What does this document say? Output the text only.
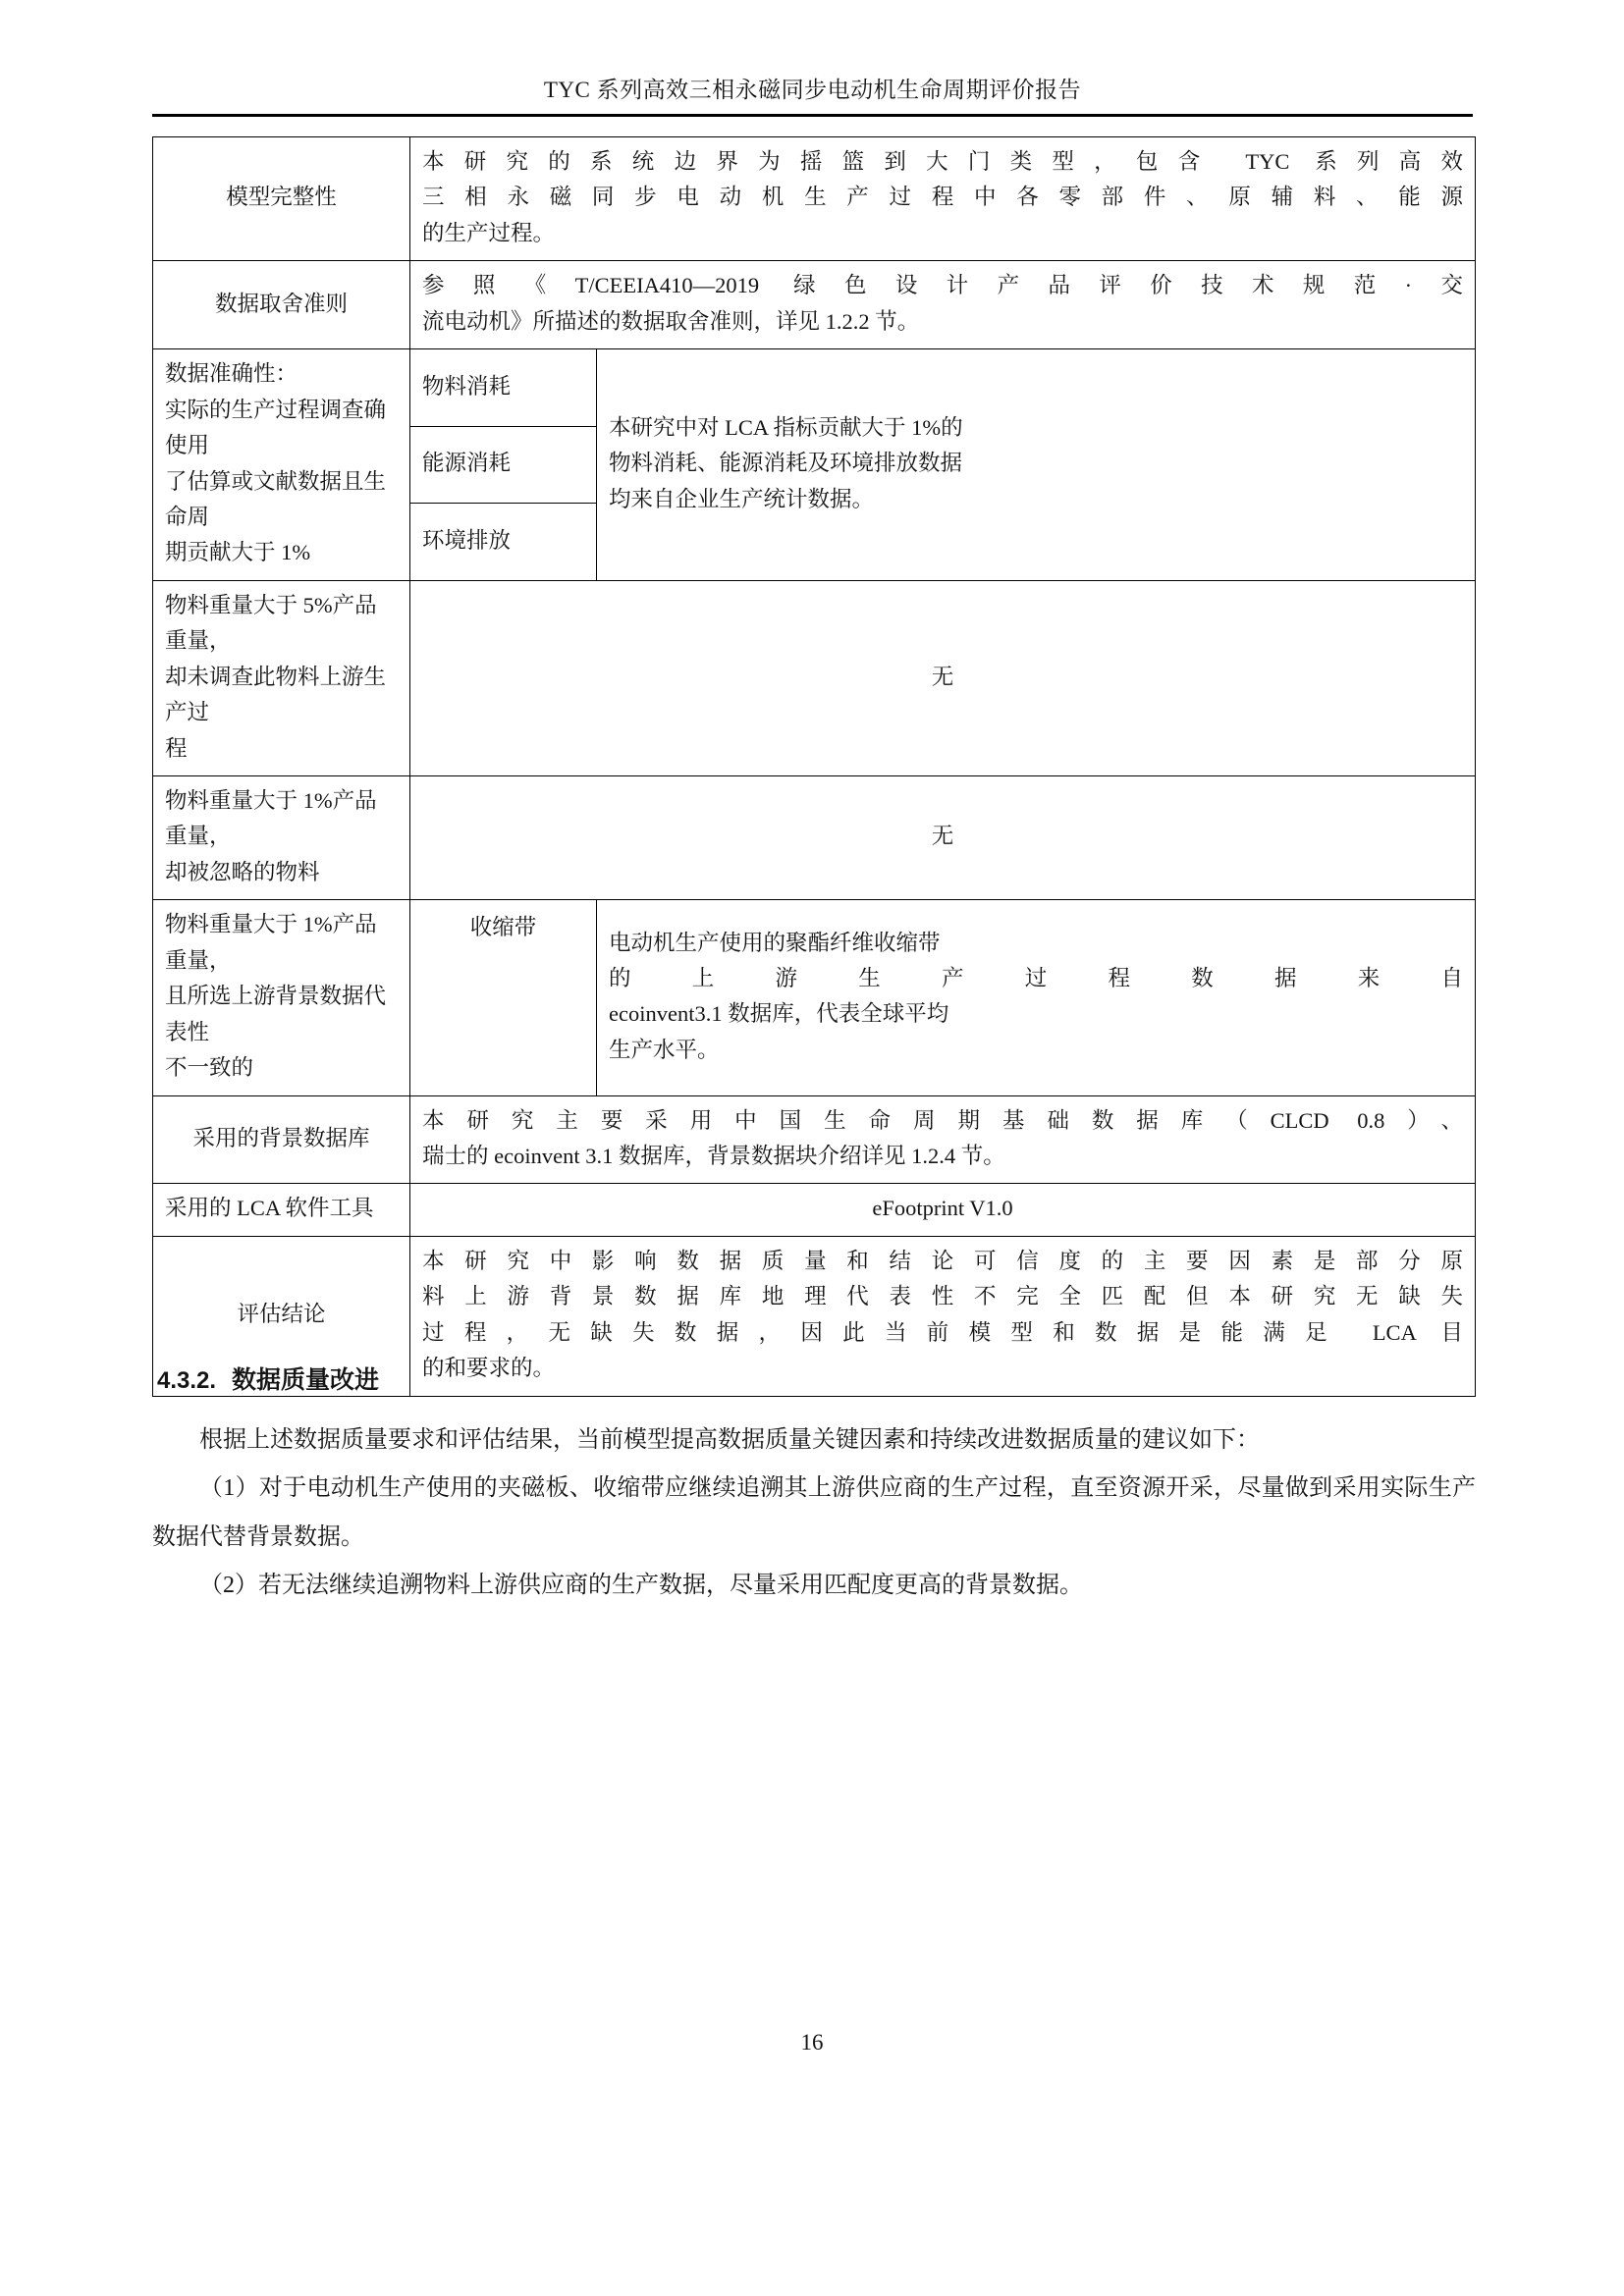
TYC 系列高效三相永磁同步电动机生命周期评价报告
模型完整性	本研究的系统边界为摇篮到大门类型，包含 TYC 系列高效
三相永磁同步电动机生产过程中各零部件、原辅料、能源
的生产过程。	

数据取舍准则	参照《T/CEEIA410—2019 绿色设计产品评价技术规范·交
流电动机》所描述的数据取舍准则，详见 1.2.2 节。	

数据准确性：
实际的生产过程调查确使用
了估算或文献数据且生命周
期贡献大于 1%	物料消耗	本研究中对 LCA 指标贡献大于 1%的
物料消耗、能源消耗及环境排放数据
均来自企业生产统计数据。

	能源消耗	
	环境排放	

物料重量大于 5%产品重量，
却未调查此物料上游生产过
程	无	

物料重量大于 1%产品重量，
却被忽略的物料	无	

物料重量大于 1%产品重量，
且所选上游背景数据代表性
不一致的	收缩带	电动机生产使用的聚酯纤维收缩带
的上游生产过程数据来自
ecoinvent3.1 数据库，代表全球平均
生产水平。

采用的背景数据库	本研究主要采用中国生命周期基础数据库（CLCD 0.8）、
瑞士的 ecoinvent 3.1 数据库，背景数据块介绍详见 1.2.4 节。	

采用的 LCA 软件工具	eFootprint V1.0	
评估结论	本研究中影响数据质量和结论可信度的主要因素是部分原
料上游背景数据库地理代表性不完全匹配但本研究无缺失
过程，无缺失数据，因此当前模型和数据是能满足 LCA 目
的和要求的。	
4.3.2. 数据质量改进

根据上述数据质量要求和评估结果，当前模型提高数据质量关键因素和持续改进数据质量的建议如下：

（1）对于电动机生产使用的夹磁板、收缩带应继续追溯其上游供应商的生产过程，直至资源开采，尽量做到采用实际生产数据代替背景数据。

（2）若无法继续追溯物料上游供应商的生产数据，尽量采用匹配度更高的背景数据。

16
